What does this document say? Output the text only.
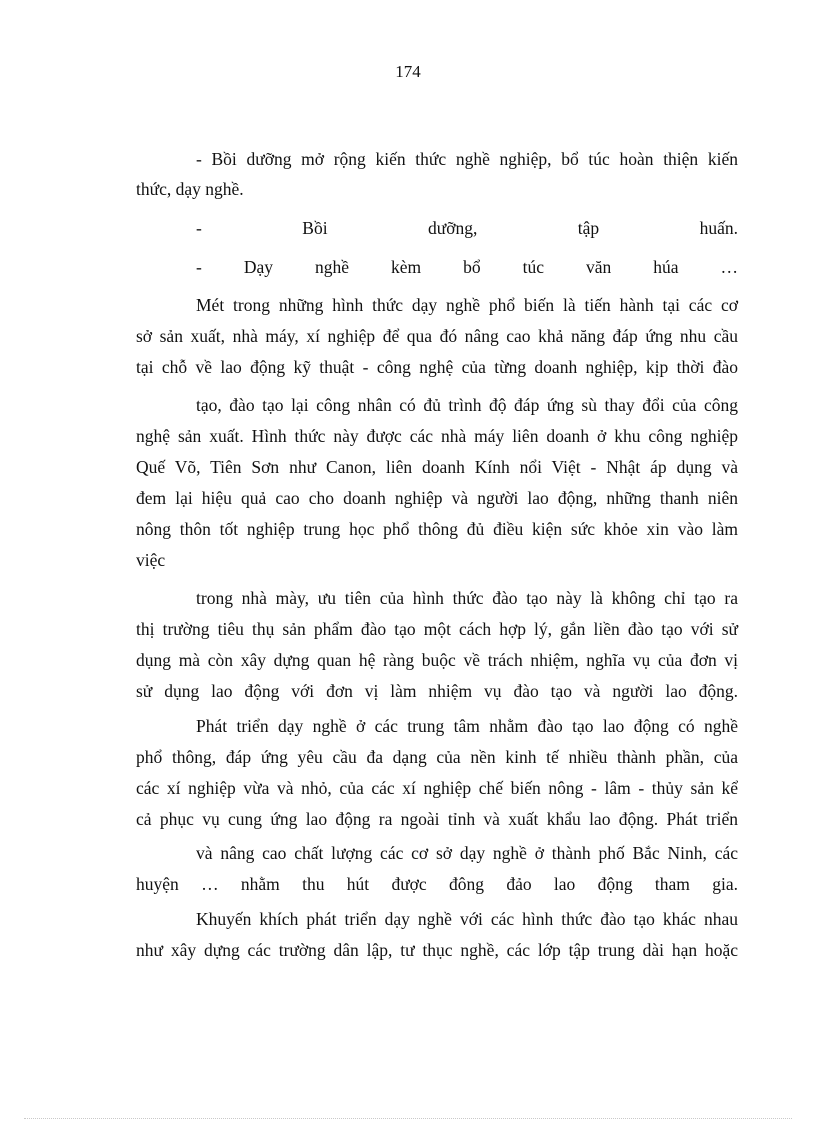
174
- Bồi dưỡng mở rộng kiến thức nghề nghiệp, bổ túc hoàn thiện kiến
thức, dạy nghề.
- Bồi dưỡng, tập huấn.
- Dạy nghề kèm bổ túc văn húa …
Mét trong những hình thức dạy nghề phổ biến là tiến hành tại các cơ
sở sản xuất, nhà máy, xí nghiệp để qua đó nâng cao khả năng đáp ứng nhu cầu
tại chỗ về lao động kỹ thuật - công nghệ của từng doanh nghiệp, kịp thời đào
tạo, đào tạo lại công nhân có đủ trình độ đáp ứng sù thay đổi của công
nghệ sản xuất. Hình thức này được các nhà máy liên doanh ở khu công nghiệp
Quế Võ, Tiên Sơn như Canon, liên doanh Kính nổi Việt - Nhật áp dụng và
đem lại hiệu quả cao cho doanh nghiệp và người lao động, những thanh niên
nông thôn tốt nghiệp trung học phổ thông đủ điều kiện sức khỏe xin vào làm
việc
trong nhà mày, ưu tiên của hình thức đào tạo này là không chỉ tạo ra
thị trường tiêu thụ sản phẩm đào tạo một cách hợp lý, gắn liền đào tạo với sử
dụng mà còn xây dựng quan hệ ràng buộc về trách nhiệm, nghĩa vụ của đơn vị
sử dụng lao động với đơn vị làm nhiệm vụ đào tạo và người lao động.
Phát triển dạy nghề ở các trung tâm nhằm đào tạo lao động có nghề
phổ thông, đáp ứng yêu cầu đa dạng của nền kinh tế nhiều thành phần, của
các xí nghiệp vừa và nhỏ, của các xí nghiệp chế biến nông - lâm - thủy sản kể
cả phục vụ cung ứng lao động ra ngoài tỉnh và xuất khẩu lao động. Phát triển
và nâng cao chất lượng các cơ sở dạy nghề ở thành phố Bắc Ninh, các
huyện … nhằm thu hút được đông đảo lao động tham gia.
Khuyến khích phát triển dạy nghề với các hình thức đào tạo khác nhau
như xây dựng các trường dân lập, tư thục nghề, các lớp tập trung dài hạn hoặc
